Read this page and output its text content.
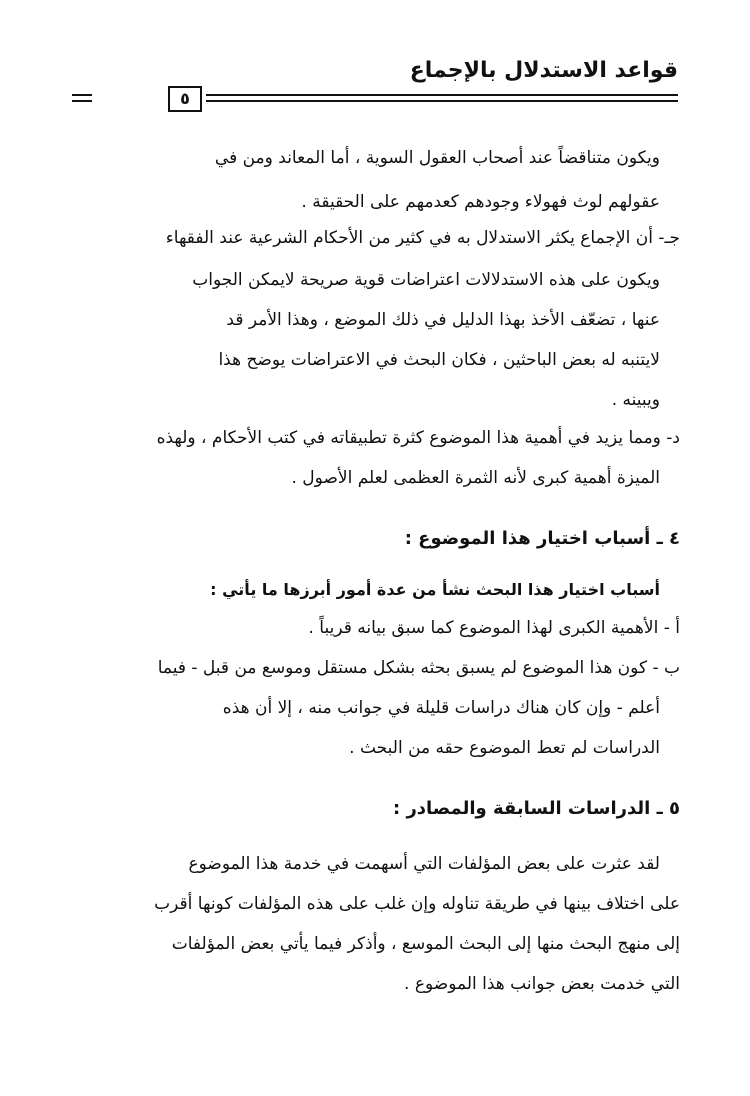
قواعد الاستدلال بالإجماع
٥
ويكون متناقضاً عند أصحاب العقول السوية ، أما المعاند ومن في
عقولهم لوث فهولاء وجودهم كعدمهم على الحقيقة .
جـ- أن الإجماع يكثر الاستدلال به في كثير من الأحكام الشرعية عند الفقهاء
ويكون على هذه الاستدلالات اعتراضات قوية صريحة لايمكن الجواب
عنها ، تضعّف الأخذ بهذا الدليل في ذلك الموضع ، وهذا الأمر قد
لايتنبه له بعض الباحثين ، فكان البحث في الاعتراضات يوضح هذا
ويبينه .
د- ومما يزيد في أهمية هذا الموضوع كثرة تطبيقاته في كتب الأحكام ، ولهذه
الميزة أهمية كبرى لأنه الثمرة العظمى لعلم الأصول .
٤ ـ أسباب اختيار هذا الموضوع :
أسباب اختيار هذا البحث نشأ من عدة أمور أبرزها ما يأتي :
أ - الأهمية الكبرى لهذا الموضوع كما سبق بيانه قريباً .
ب - كون هذا الموضوع لم يسبق بحثه بشكل مستقل وموسع من قبل - فيما
أعلم - وإن كان هناك دراسات قليلة في جوانب منه ، إلا أن هذه
الدراسات لم تعط الموضوع حقه من البحث .
٥ ـ الدراسات السابقة والمصادر :
لقد عثرت على بعض المؤلفات التي أسهمت في خدمة هذا الموضوع
على اختلاف بينها في طريقة تناوله وإن غلب على هذه المؤلفات كونها أقرب
إلى منهج البحث منها إلى البحث الموسع ، وأذكر فيما يأتي بعض المؤلفات
التي خدمت بعض جوانب هذا الموضوع .
